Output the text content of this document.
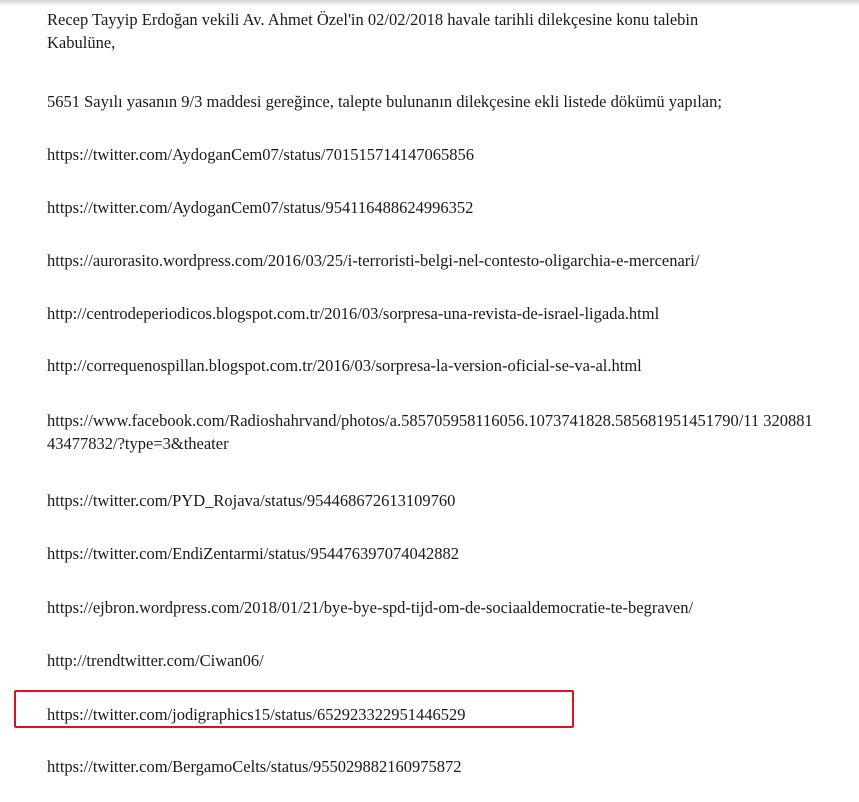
Recep Tayyip Erdoğan vekili Av. Ahmet Özel'in 02/02/2018 havale tarihli dilekçesine konu talebin
Kabulüne,

5651 Sayılı yasanın 9/3 maddesi gereğince, talepte bulunanın dilekçesine ekli listede dökümü yapılan;

https://twitter.com/AydoganCem07/status/701515714147065856
https://twitter.com/AydoganCem07/status/954116488624996352
https://aurorasito.wordpress.com/2016/03/25/i-terroristi-belgi-nel-contesto-oligarchia-e-mercenari/
http://centrodeperiodicos.blogspot.com.tr/2016/03/sorpresa-una-revista-de-israel-ligada.html
http://correquenospillan.blogspot.com.tr/2016/03/sorpresa-la-version-oficial-se-va-al.html
https://www.facebook.com/Radioshahrvand/photos/a.585705958116056.1073741828.585681951451790/11 32088143477832/?type=3&theater
https://twitter.com/PYD_Rojava/status/954468672613109760
https://twitter.com/EndiZentarmi/status/954476397074042882
https://ejbron.wordpress.com/2018/01/21/bye-bye-spd-tijd-om-de-sociaaldemocratie-te-begraven/
http://trendtwitter.com/Ciwan06/
https://twitter.com/jodigraphics15/status/652923322951446529
https://twitter.com/BergamoCelts/status/955029882160975872
